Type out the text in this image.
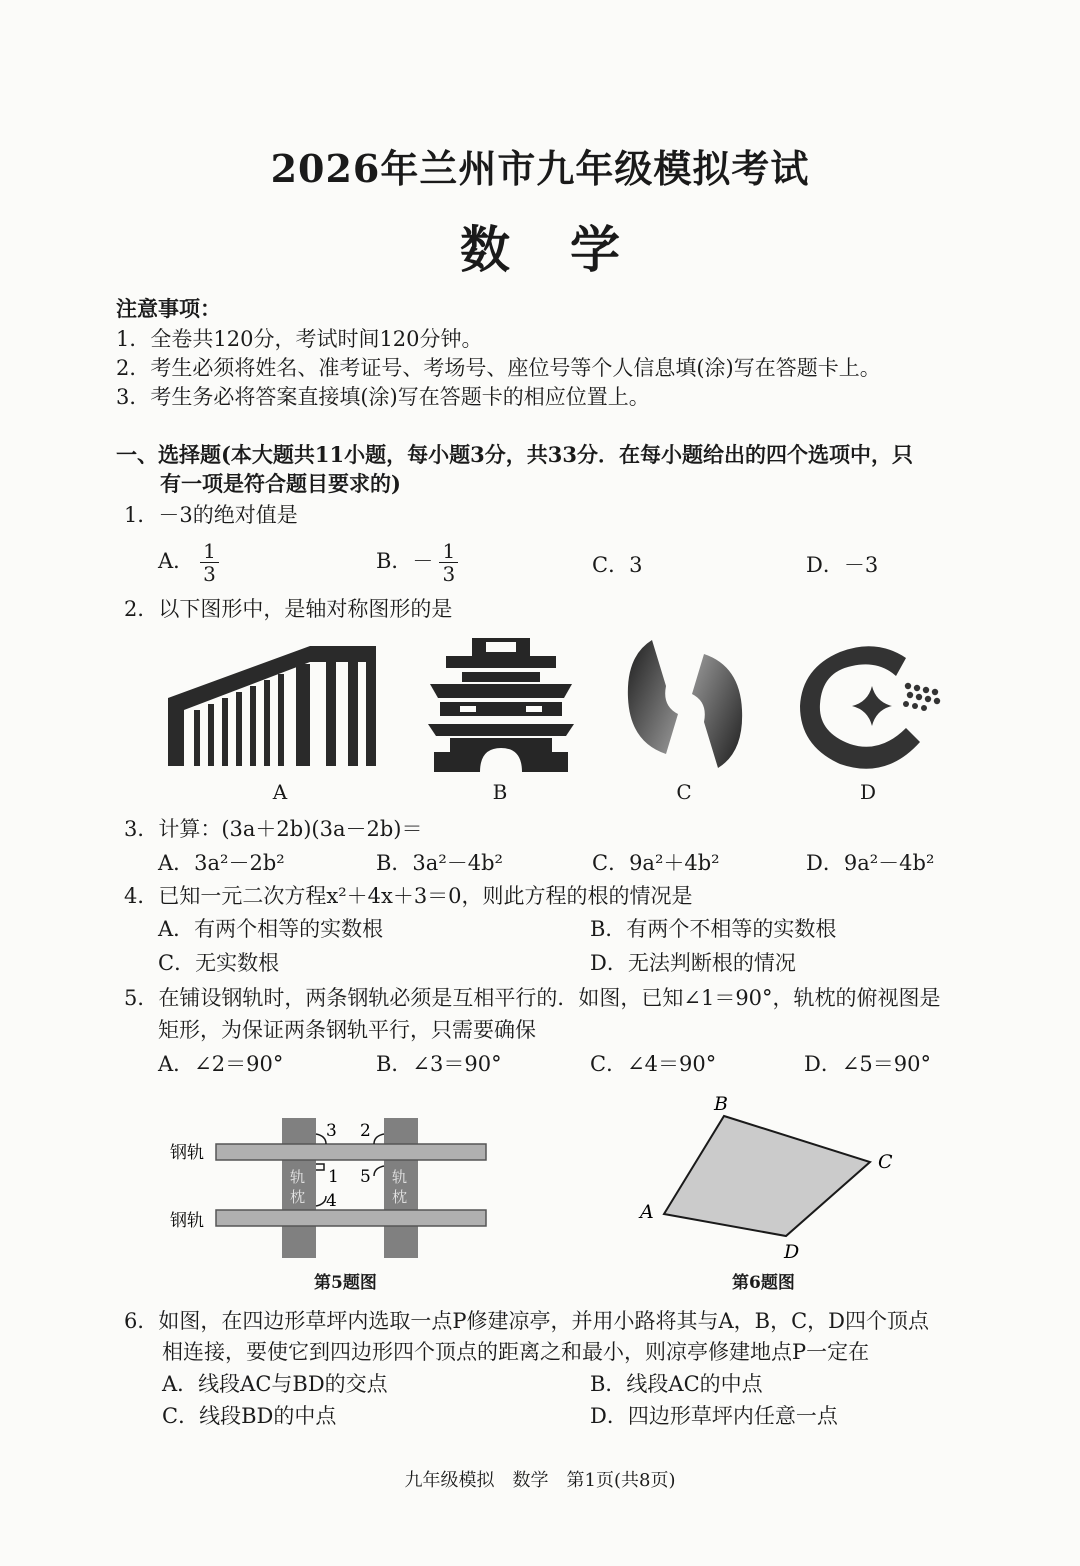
2026年兰州市九年级模拟考试
数学
注意事项：
1．全卷共120分，考试时间120分钟。
2．考生必须将姓名、准考证号、考场号、座位号等个人信息填(涂)写在答题卡上。
3．考生务必将答案直接填(涂)写在答题卡的相应位置上。
一、选择题(本大题共11小题，每小题3分，共33分．在每小题给出的四个选项中，只
有一项是符合题目要求的)
1．－3的绝对值是
A． $\frac{1}{3}$	B．－ $\frac{1}{3}$	C．3	D．－3
2．以下图形中，是轴对称图形的是
A	B	C	D
3．计算：(3a＋2b)(3a－2b)＝
A．3a²－2b²	B．3a²－4b²	C．9a²＋4b²	D．9a²－4b²
4．已知一元二次方程x²＋4x＋3＝0，则此方程的根的情况是
A．有两个相等的实数根	B．有两个不相等的实数根
C．无实数根	D．无法判断根的情况
5．在铺设钢轨时，两条钢轨必须是互相平行的．如图，已知∠1＝90°，轨枕的俯视图是
矩形，为保证两条钢轨平行，只需要确保
A．∠2＝90°	B．∠3＝90°	C．∠4＝90°	D．∠5＝90°
钢轨
钢轨
轨
枕
轨
枕
3 2
1 5
4
第5题图
A
B
C
D
第6题图
6．如图，在四边形草坪内选取一点P修建凉亭，并用小路将其与A，B，C，D四个顶点
相连接，要使它到四边形四个顶点的距离之和最小，则凉亭修建地点P一定在
A．线段AC与BD的交点	B．线段AC的中点
C．线段BD的中点	D．四边形草坪内任意一点
九年级模拟　数学　第1页(共8页)
